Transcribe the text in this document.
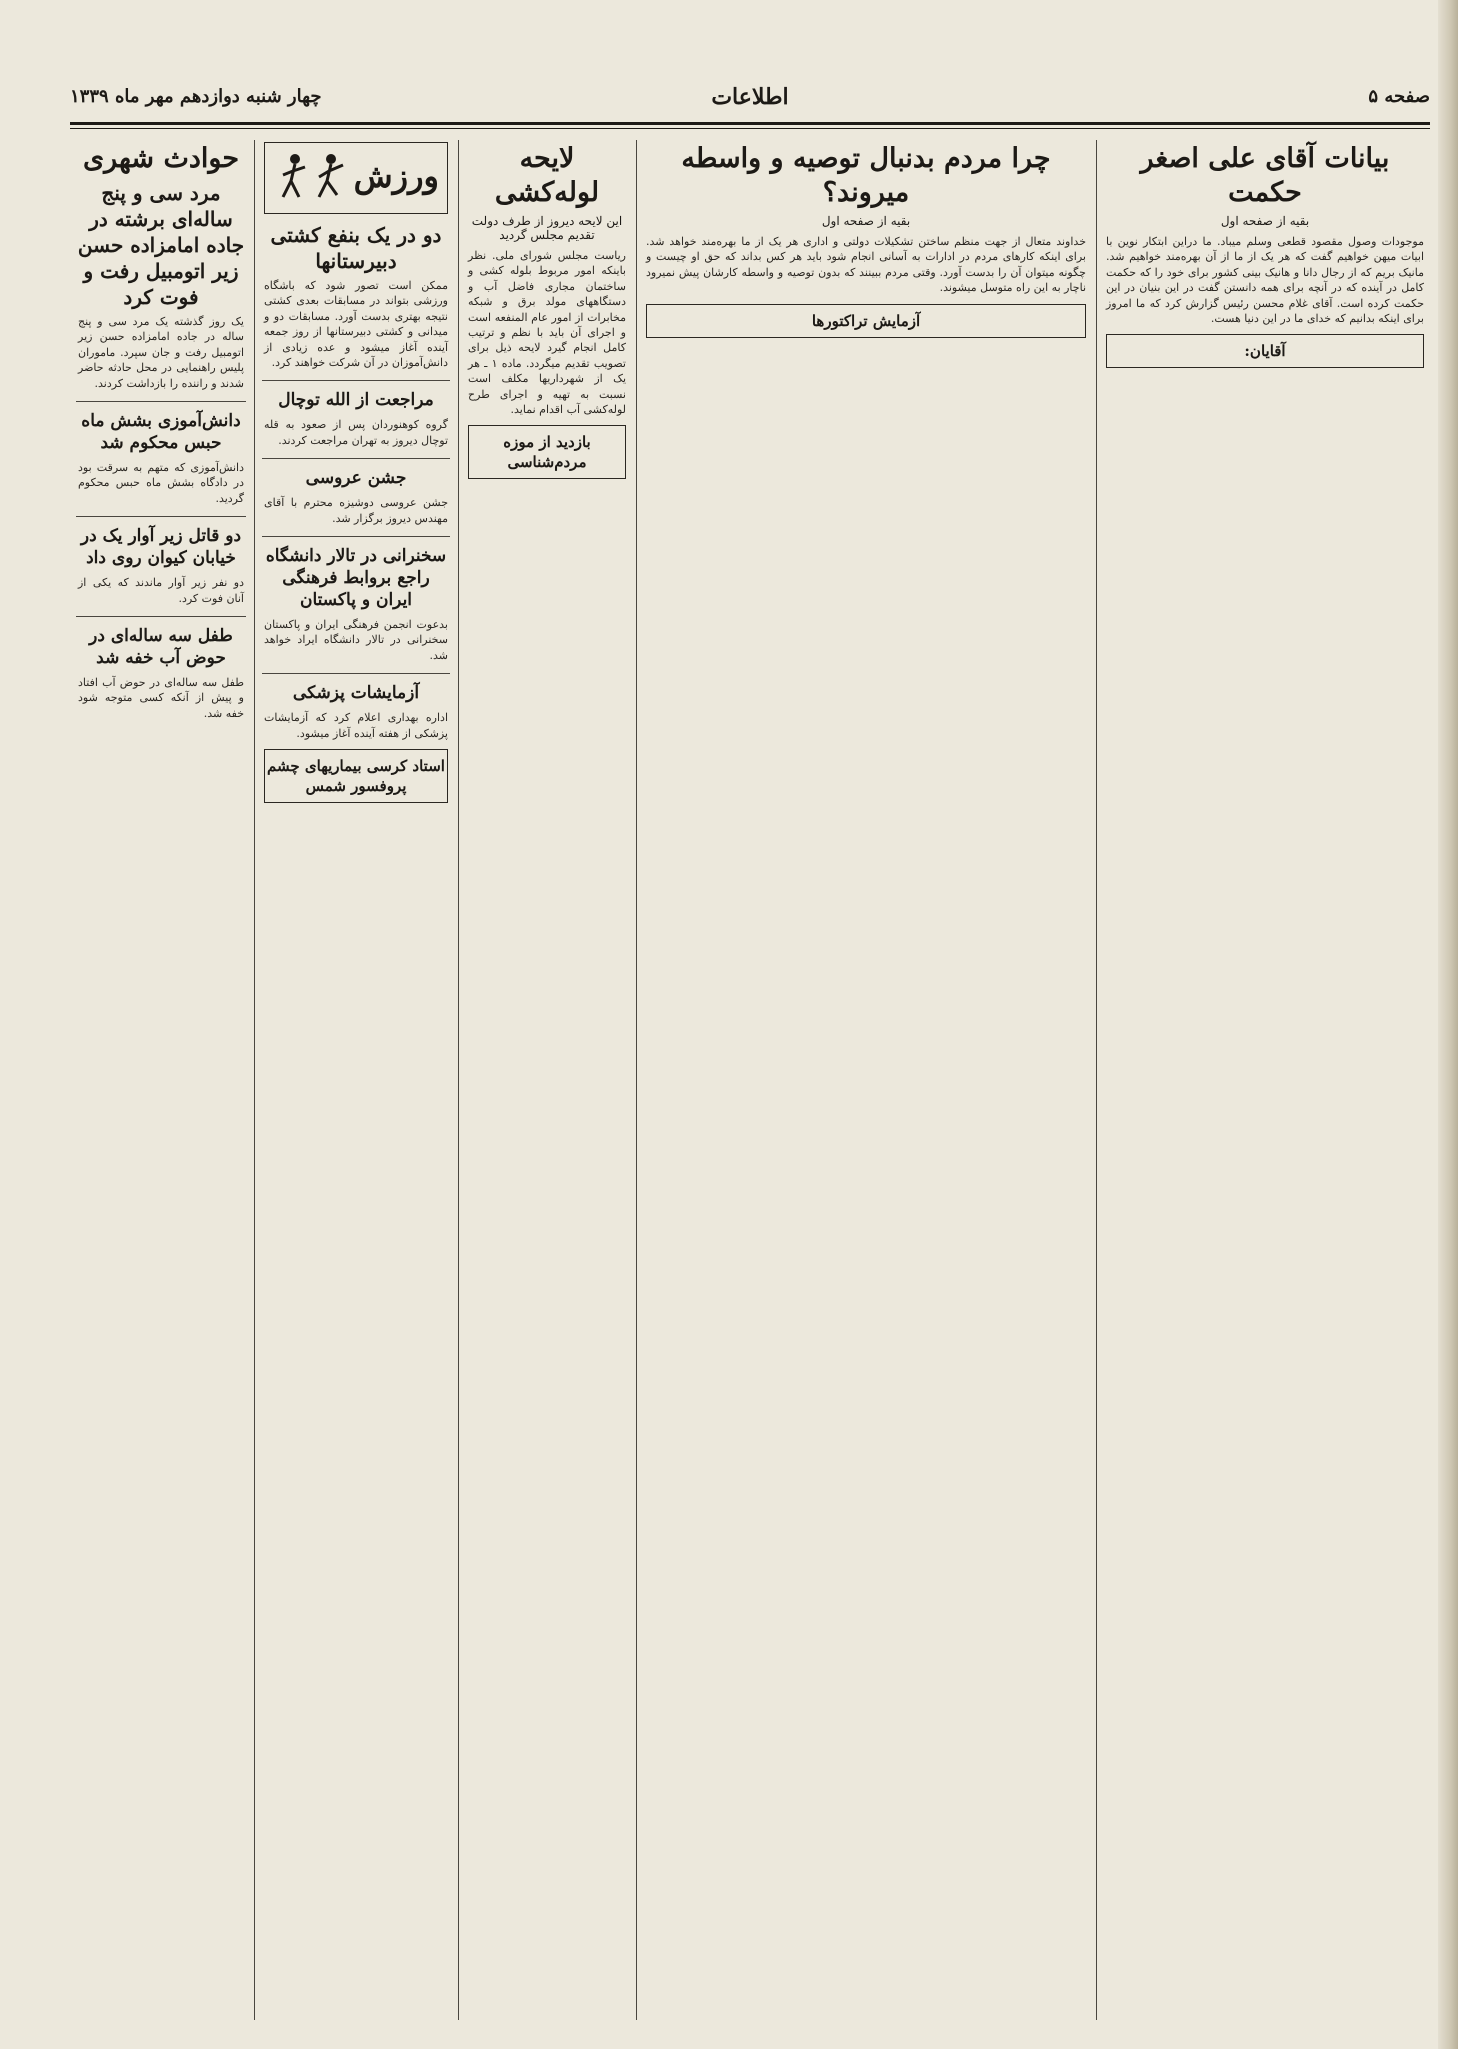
صفحه ۵
اطلاعات
چهار شنبه دوازدهم مهر ماه ۱۳۳۹
بیانات آقای علی اصغر حکمت
بقیه از صفحه اول
موجودات وصول مقصود قطعی وسلم میباد. ما دراین ابتکار نوین با ابیات میهن خواهیم گفت که هر یک از ما از آن بهره‌مند خواهیم شد. مانیک بریم که از رجال دانا و هانیک بینی کشور برای خود را که حکمت کامل در آینده که در آنچه برای همه دانستن گفت در این بنیان در این حکمت کرده است. آقای غلام محسن رئیس گزارش کرد که ما امروز برای اینکه بدانیم که خدای ما در این دنیا هست.
آقایان:
چرا مردم بدنبال توصیه و واسطه میروند؟
بقیه از صفحه اول
خداوند متعال از جهت منظم ساختن تشکیلات دولتی و اداری هر یک از ما بهره‌مند خواهد شد. برای اینکه کارهای مردم در ادارات به آسانی انجام شود باید هر کس بداند که حق او چیست و چگونه میتوان آن را بدست آورد. وقتی مردم ببینند که بدون توصیه و واسطه کارشان پیش نمیرود ناچار به این راه متوسل میشوند.
آزمایش تراکتورها
لایحه لوله‌کشی
این لایحه دیروز از طرف دولت تقدیم مجلس گردید
ریاست مجلس شورای ملی. نظر باینکه امور مربوط بلوله کشی و ساختمان مجاری فاضل آب و دستگاههای مولد برق و شبکه مخابرات از امور عام المنفعه است و اجرای آن باید با نظم و ترتیب کامل انجام گیرد لایحه ذیل برای تصویب تقدیم میگردد. ماده ۱ ـ هر یک از شهرداریها مکلف است نسبت به تهیه و اجرای طرح لوله‌کشی آب اقدام نماید.
بازدید از موزه مردم‌شناسی
ورزش
دو در یک بنفع کشتی دبیرستانها
ممکن است تصور شود که باشگاه ورزشی بتواند در مسابقات بعدی کشتی نتیجه بهتری بدست آورد. مسابقات دو و میدانی و کشتی دبیرستانها از روز جمعه آینده آغاز میشود و عده زیادی از دانش‌آموزان در آن شرکت خواهند کرد.
مراجعت از الله توچال
گروه کوهنوردان پس از صعود به قله توچال دیروز به تهران مراجعت کردند.
جشن عروسی
جشن عروسی دوشیزه محترم با آقای مهندس دیروز برگزار شد.
سخنرانی در تالار دانشگاه راجع بروابط فرهنگی ایران و پاکستان
بدعوت انجمن فرهنگی ایران و پاکستان سخنرانی در تالار دانشگاه ایراد خواهد شد.
آزمایشات پزشکی
اداره بهداری اعلام کرد که آزمایشات پزشکی از هفته آینده آغاز میشود.
استاد کرسی بیماریهای چشم پروفسور شمس
حوادث شهری
مرد سی و پنج ساله‌ای برشته در جاده امامزاده حسن زیر اتومبیل رفت و فوت کرد
یک روز گذشته یک مرد سی و پنج ساله در جاده امامزاده حسن زیر اتومبیل رفت و جان سپرد. ماموران پلیس راهنمایی در محل حادثه حاضر شدند و راننده را بازداشت کردند.
دانش‌آموزی بشش ماه حبس محکوم شد
دانش‌آموزی که متهم به سرقت بود در دادگاه بشش ماه حبس محکوم گردید.
دو قاتل زیر آوار یک در خیابان کیوان روی داد
دو نفر زیر آوار ماندند که یکی از آنان فوت کرد.
طفل سه ساله‌ای در حوض آب خفه شد
طفل سه ساله‌ای در حوض آب افتاد و پیش از آنکه کسی متوجه شود خفه شد.
